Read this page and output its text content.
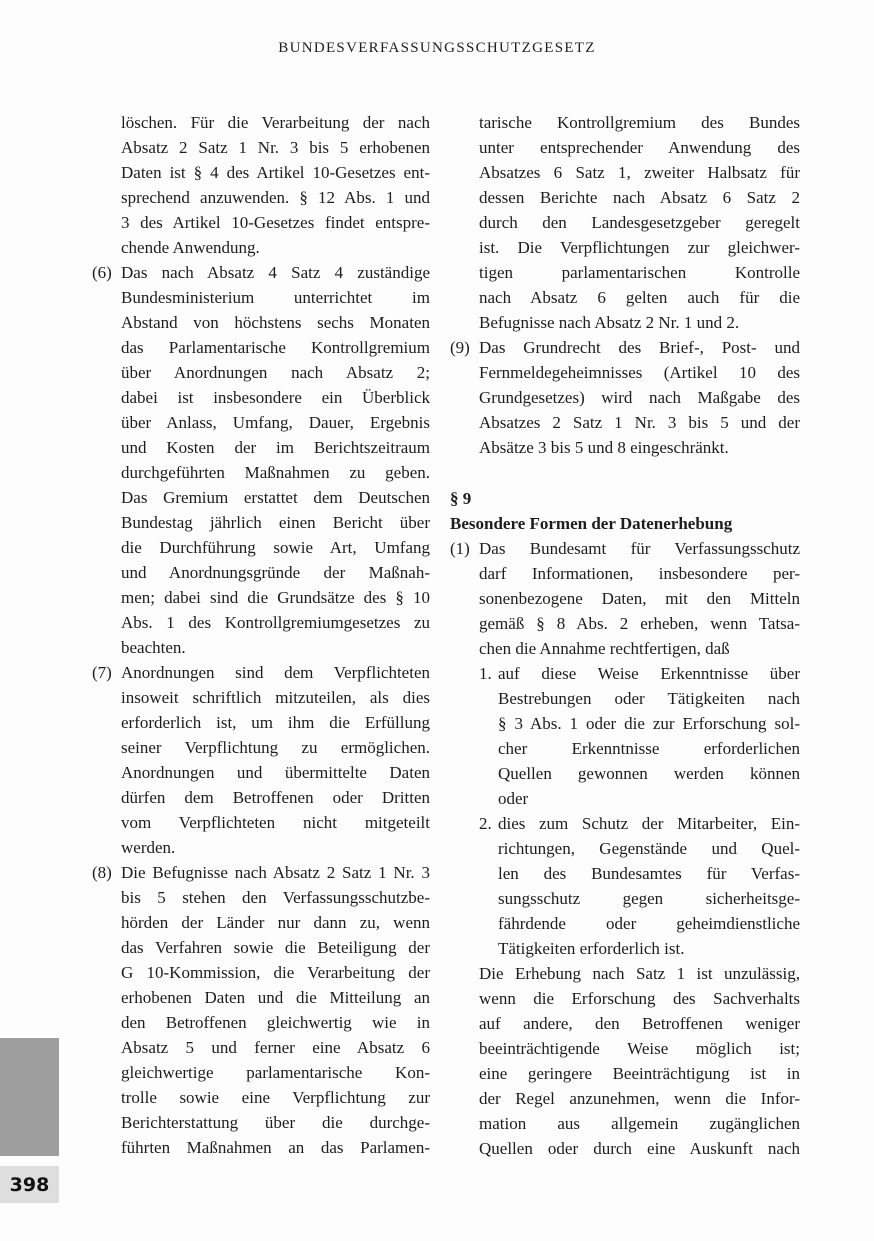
BUNDESVERFASSUNGSSCHUTZGESETZ
löschen. Für die Verarbeitung der nach
Absatz 2 Satz 1 Nr. 3 bis 5 erhobenen
Daten ist § 4 des Artikel 10-Gesetzes ent-
sprechend anzuwenden. § 12 Abs. 1 und
3 des Artikel 10-Gesetzes findet entspre-
chende Anwendung.
(6) Das nach Absatz 4 Satz 4 zuständige
Bundesministerium unterrichtet im
Abstand von höchstens sechs Monaten
das Parlamentarische Kontrollgremium
über Anordnungen nach Absatz 2;
dabei ist insbesondere ein Überblick
über Anlass, Umfang, Dauer, Ergebnis
und Kosten der im Berichtszeitraum
durchgeführten Maßnahmen zu geben.
Das Gremium erstattet dem Deutschen
Bundestag jährlich einen Bericht über
die Durchführung sowie Art, Umfang
und Anordnungsgründe der Maßnah-
men; dabei sind die Grundsätze des § 10
Abs. 1 des Kontrollgremiumgesetzes zu
beachten.
(7) Anordnungen sind dem Verpflichteten
insoweit schriftlich mitzuteilen, als dies
erforderlich ist, um ihm die Erfüllung
seiner Verpflichtung zu ermöglichen.
Anordnungen und übermittelte Daten
dürfen dem Betroffenen oder Dritten
vom Verpflichteten nicht mitgeteilt
werden.
(8) Die Befugnisse nach Absatz 2 Satz 1 Nr. 3
bis 5 stehen den Verfassungsschutzbe-
hörden der Länder nur dann zu, wenn
das Verfahren sowie die Beteiligung der
G 10-Kommission, die Verarbeitung der
erhobenen Daten und die Mitteilung an
den Betroffenen gleichwertig wie in
Absatz 5 und ferner eine Absatz 6
gleichwertige parlamentarische Kon-
trolle sowie eine Verpflichtung zur
Berichterstattung über die durchge-
führten Maßnahmen an das Parlamen-
tarische Kontrollgremium des Bundes
unter entsprechender Anwendung des
Absatzes 6 Satz 1, zweiter Halbsatz für
dessen Berichte nach Absatz 6 Satz 2
durch den Landesgesetzgeber geregelt
ist. Die Verpflichtungen zur gleichwer-
tigen parlamentarischen Kontrolle
nach Absatz 6 gelten auch für die
Befugnisse nach Absatz 2 Nr. 1 und 2.
(9) Das Grundrecht des Brief-, Post- und
Fernmeldegeheimnisses (Artikel 10 des
Grundgesetzes) wird nach Maßgabe des
Absatzes 2 Satz 1 Nr. 3 bis 5 und der
Absätze 3 bis 5 und 8 eingeschränkt.
§ 9
Besondere Formen der Datenerhebung
(1) Das Bundesamt für Verfassungsschutz
darf Informationen, insbesondere per-
sonenbezogene Daten, mit den Mitteln
gemäß § 8 Abs. 2 erheben, wenn Tatsa-
chen die Annahme rechtfertigen, daß
1. auf diese Weise Erkenntnisse über
Bestrebungen oder Tätigkeiten nach
§ 3 Abs. 1 oder die zur Erforschung sol-
cher Erkenntnisse erforderlichen
Quellen gewonnen werden können
oder
2. dies zum Schutz der Mitarbeiter, Ein-
richtungen, Gegenstände und Quel-
len des Bundesamtes für Verfas-
sungsschutz gegen sicherheitsge-
fährdende oder geheimdienstliche
Tätigkeiten erforderlich ist.
Die Erhebung nach Satz 1 ist unzulässig,
wenn die Erforschung des Sachverhalts
auf andere, den Betroffenen weniger
beeinträchtigende Weise möglich ist;
eine geringere Beeinträchtigung ist in
der Regel anzunehmen, wenn die Infor-
mation aus allgemein zugänglichen
Quellen oder durch eine Auskunft nach
398
